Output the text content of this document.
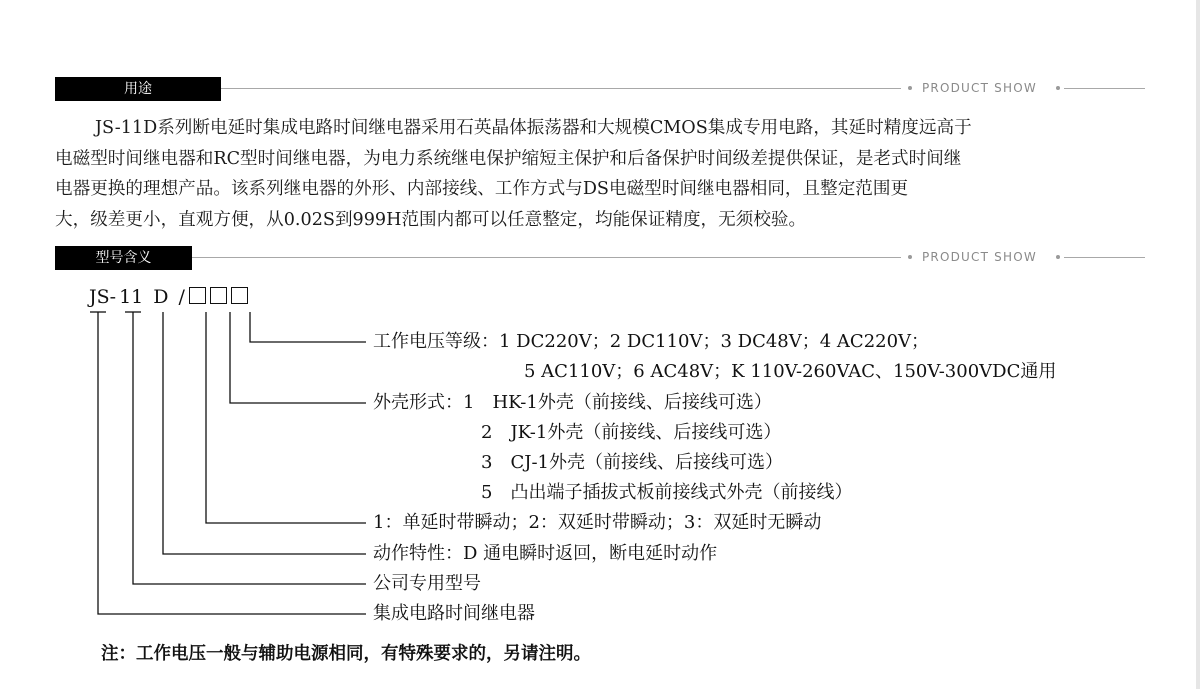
用途	PRODUCT SHOW

JS-11D系列断电延时集成电路时间继电器采用石英晶体振荡器和大规模CMOS集成专用电路，其延时精度远高于
电磁型时间继电器和RC型时间继电器，为电力系统继电保护缩短主保护和后备保护时间级差提供保证，是老式时间继
电器更换的理想产品。该系列继电器的外形、内部接线、工作方式与DS电磁型时间继电器相同，且整定范围更
大，级差更小，直观方便，从0.02S到999H范围内都可以任意整定，均能保证精度，无须校验。

型号含义	PRODUCT SHOW
JS- 11 D /
工作电压等级：1 DC220V；2 DC110V；3 DC48V；4 AC220V；
5 AC110V；6 AC48V；K 110V-260VAC、150V-300VDC通用
外壳形式：1　HK-1外壳（前接线、后接线可选）
2　JK-1外壳（前接线、后接线可选）
3　CJ-1外壳（前接线、后接线可选）
5　凸出端子插拔式板前接线式外壳（前接线）
1：单延时带瞬动；2：双延时带瞬动；3：双延时无瞬动
动作特性：D 通电瞬时返回，断电延时动作
公司专用型号
集成电路时间继电器
注：工作电压一般与辅助电源相同，有特殊要求的，另请注明。
